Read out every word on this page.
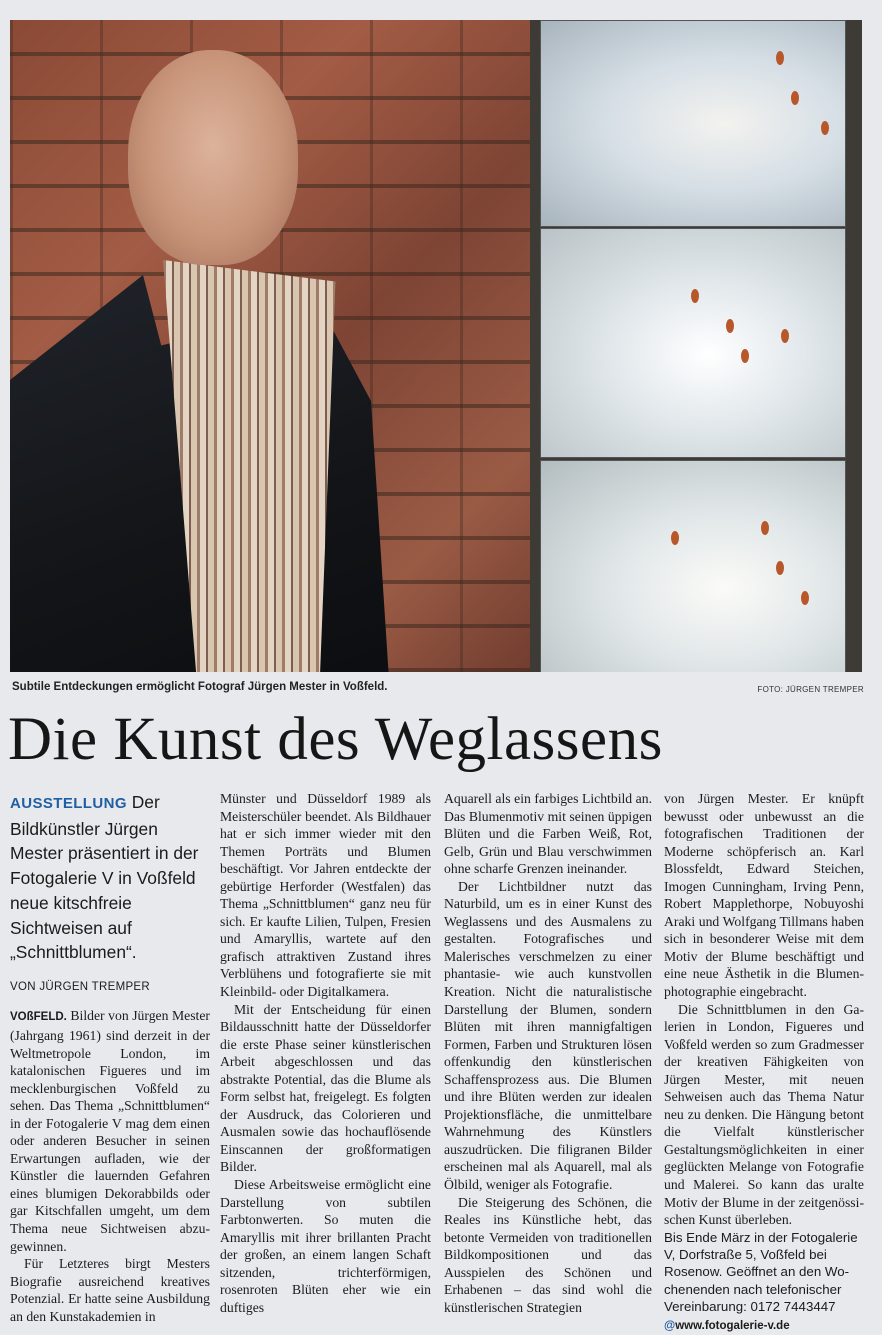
Subtile Entdeckungen ermöglicht Fotograf Jürgen Mester in Voßfeld.	FOTO: JÜRGEN TREMPER
Die Kunst des Weglassens
AUSSTELLUNG Der Bildkünstler Jürgen Mester präsentiert in der Fotogalerie V in Voßfeld neue kitschfreie Sichtweisen auf „Schnittblumen“.
VON JÜRGEN TREMPER

VOßFELD. Bilder von Jürgen Mester (Jahrgang 1961) sind derzeit in der Weltmetropole London, im katalonischen Figueres und im mecklenburgischen Voßfeld zu sehen. Das Thema „Schnittblumen“ in der Fotogalerie V mag dem einen oder anderen Besucher in seinen Erwartungen aufladen, wie der Künstler die lauernden Gefahren eines blumigen Dekorabbilds oder gar Kitschfallen umgeht, um dem Thema neue Sichtweisen abzugewinnen.

Für Letzteres birgt Mesters Biografie ausreichend kreatives Potenzial. Er hatte seine Ausbildung an den Kunstakademien in

Münster und Düsseldorf 1989 als Meisterschüler beendet. Als Bildhauer hat er sich immer wieder mit den Themen Porträts und Blumen beschäftigt. Vor Jahren entdeckte der gebürtige Herforder (Westfalen) das Thema „Schnittblumen“ ganz neu für sich. Er kaufte Lilien, Tulpen, Fresien und Amaryllis, wartete auf den grafisch attraktiven Zustand ihres Verblühens und fotografierte sie mit Kleinbild- oder Digitalkamera.

Mit der Entscheidung für einen Bildausschnitt hatte der Düsseldorfer die erste Phase seiner künstlerischen Arbeit abgeschlossen und das abstrakte Potential, das die Blume als Form selbst hat, freigelegt. Es folgten der Ausdruck, das Colorieren und Ausmalen sowie das hochauflösende Einscannen der großformatigen Bilder.

Diese Arbeitsweise ermöglicht eine Darstellung von subtilen Farbtonwerten. So muten die Amaryllis mit ihrer brillanten Pracht der großen, an einem langen Schaft sitzenden, trichterförmigen, rosenroten Blüten eher wie ein duftiges

Aquarell als ein farbiges Lichtbild an. Das Blumenmotiv mit seinen üppigen Blüten und die Farben Weiß, Rot, Gelb, Grün und Blau verschwimmen ohne scharfe Grenzen ineinander.

Der Lichtbildner nutzt das Naturbild, um es in einer Kunst des Weglassens und des Ausmalens zu gestalten. Fotografisches und Malerisches verschmelzen zu einer phantasie- wie auch kunstvollen Kreation. Nicht die naturalistische Darstellung der Blumen, sondern Blüten mit ihren mannigfaltigen Formen, Farben und Strukturen lösen offenkundig den künstlerischen Schaffensprozess aus. Die Blumen und ihre Blüten werden zur idealen Projektionsfläche, die unmittelbare Wahrnehmung des Künstlers auszudrücken. Die filigranen Bilder erscheinen mal als Aquarell, mal als Ölbild, weniger als Fotografie.

Die Steigerung des Schönen, die Reales ins Künstliche hebt, das betonte Vermeiden von traditionellen Bildkompositionen und das Ausspielen des Schönen und Erhabenen – das sind wohl die künstlerischen Strategien

von Jürgen Mester. Er knüpft bewusst oder unbewusst an die fotografischen Traditionen der Moderne schöpferisch an. Karl Blossfeldt, Edward Steichen, Imogen Cunningham, Irving Penn, Robert Mapplethorpe, Nobuyoshi Araki und Wolfgang Tillmans haben sich in besonderer Weise mit dem Motiv der Blume beschäftigt und eine neue Ästhetik in die Blumenphotographie eingebracht.

Die Schnittblumen in den Galerien in London, Figueres und Voßfeld werden so zum Gradmesser der kreativen Fähigkeiten von Jürgen Mester, mit neuen Sehweisen auch das Thema Natur neu zu denken. Die Hängung betont die Vielfalt künstlerischer Gestaltungsmöglichkeiten in einer geglückten Melange von Fotografie und Malerei. So kann das uralte Motiv der Blume in der zeitgenössischen Kunst überleben.

Bis Ende März in der Fotogalerie V, Dorfstraße 5, Voßfeld bei Rosenow. Geöffnet an den Wochenenden nach telefonischer Vereinbarung: 0172 7443447

@www.fotogalerie-v.de
